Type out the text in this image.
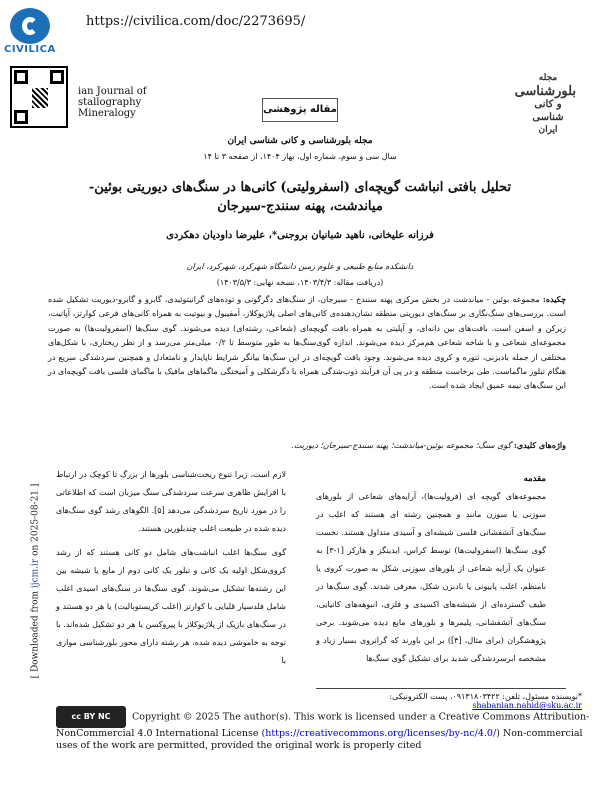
CIVILICA
https://civilica.com/doc/2273695/
ian Journal of
stallography
Mineralogy
مجله
بلورشناسی
و کانی شناسی
ایران
مقاله پژوهشی
مجله بلورشناسی و کانی شناسی ایران
سال سی و سوم، شماره اول، بهار ۱۴۰۴، از صفحه ۳ تا ۱۴
تحلیل بافتی انباشت گویچه‌ای (اسفرولیتی) کانی‌ها در سنگ‌های دیوریتی بوئین-میاندشت، پهنه سنندج-سیرجان
فرزانه علیخانی، ناهید شبانیان بروجنی*، علیرضا داودیان دهکردی
دانشکده منابع طبیعی و علوم زمین دانشگاه شهرکرد، شهرکرد، ایران
(دریافت مقاله: ۱۴۰۳/۴/۳، نسخه نهایی: ۱۴۰۳/۵/۳)
چکیده: مجموعه بوئین - میاندشت در بخش مرکزی پهنه سنندج - سیرجان، از سنگ‌های دگرگونی و توده‌های گرانیتوئیدی، گابرو و گابرو-دیوریت تشکیل شده است. بررسی‌های سنگ‌نگاری بر سنگ‌های دیوریتی منطقه نشان‌دهنده‌ی کانی‌های اصلی پلاژیوکلاز، آمفیبول و بیوتیت به همراه کانی‌های فرعی کوارتز، آپاتیت، زیرکن و اسفن است. بافت‌های بین دانه‌ای، و آپلیتی به همراه بافت گویچه‌ای (شعاعی، رشته‌ای) دیده می‌شوند. گوی سنگ‌ها (اسفرولیت‌ها) به صورت مجموعه‌ای شعاعی و با شاخه شعاعی هم‌مرکز دیده می‌شوند. اندازه گوی‌سنگ‌ها به طور متوسط تا ۰/۲ میلی‌متر می‌رسد و از نظر ریختاری، با شکل‌های مختلفی از جمله بادبزنی، تنوره و کروی دیده می‌شوند. وجود بافت گویچه‌ای در این سنگ‌ها بیانگر شرایط ناپایدار و نامتعادل و همچنین سردشدگی سریع در هنگام تبلور ماگماست. طی برخاست منطقه و در پی آن فرآیند ذوب‌شدگی همراه با دگرشکلی و آمیختگی ماگماهای مافیک با ماگمای فلسی بافت گویچه‌ای در این سنگ‌های نیمه عمیق ایجاد شده است.
واژه‌های کلیدی: گوی سنگ؛ مجموعه بوئین-میاندشت؛ پهنه سنندج-سیرجان؛ دیوریت.
مقدمه
مجموعه‌های گویچه ای (فرولیت‌ها)، آرایه‌های شعاعی از بلورهای سوزنی یا سوزن مانند و همچنین رشته ای هستند که اغلب در سنگ‌های آتشفشانی فلسی شیشه‌ای و آسیدی متداول هستند. نخست گوی سنگ‌ها (اسفرولیت‌ها) توسط کراس، ایدینگز و هارکر [۱-۳] به عنوان یک آرایه شعاعی از بلورهای سوزنی شکل به صورت کروی یا نامنظم، اغلب پاییونی یا بادبزن شکل، معرفی شدند. گوی سنگ‌ها در طیف گسترده‌ای از شیشه‌های اکسیدی و فلزی، انبوهه‌های کانیایی، سنگ‌های آتشفشانی، پلیمرها و بلورهای مایع دیده می‌شوند. برخی پژوهشگران (برای مثال، [۴]) بر این باورند که گرانروی بسیار زیاد و مشخصه ابرسردشدگی شدید برای تشکیل گوی سنگ‌ها
لازم است، زیرا تنوع ریخت‌شناسی بلورها از بزرگ تا کوچک در ارتباط با افزایش ظاهری سرعت سردشدگی سنگ میزبان است که اطلاعاتی را در مورد تاریخ سردشدگی می‌دهد [۵]. الگوهای رشد گوی سنگ‌های دیده شده در طبیعت اغلب چندبلورین هستند.
گوی سنگ‌ها اغلب انباشت‌های شامل دو کانی هستند که از رشد کروی‌شکل اولیه یک کانی و تبلور یک کانی دوم از مایع یا شیشه بین این رشته‌ها تشکیل می‌شوند. گوی سنگ‌ها در سنگ‌های اسیدی اغلب شامل فلدسپار قلیایی با کوارتز (اغلب کریستوبالیت) یا هر دو هستند و در سنگ‌های بازیک از پلاژیوکلاز با پیروکسن یا هر دو تشکیل شده‌اند. با توجه به خاموشی دیده شده، هر رشته دارای محور بلورشناسی موازی با
*نویسنده مسئول، تلفن: ۰۹۱۳۱۸۰۳۴۲۲، پست الکترونیکی: shabanian.nahid@sku.ac.ir
cc BY NC Copyright © 2025 The author(s). This work is licensed under a Creative Commons Attribution-NonCommercial 4.0 International License (https://creativecommons.org/licenses/by-nc/4.0/) Non-commercial uses of the work are permitted, provided the original work is properly cited
[ Downloaded from ijcm.ir on 2025-08-21 ]
